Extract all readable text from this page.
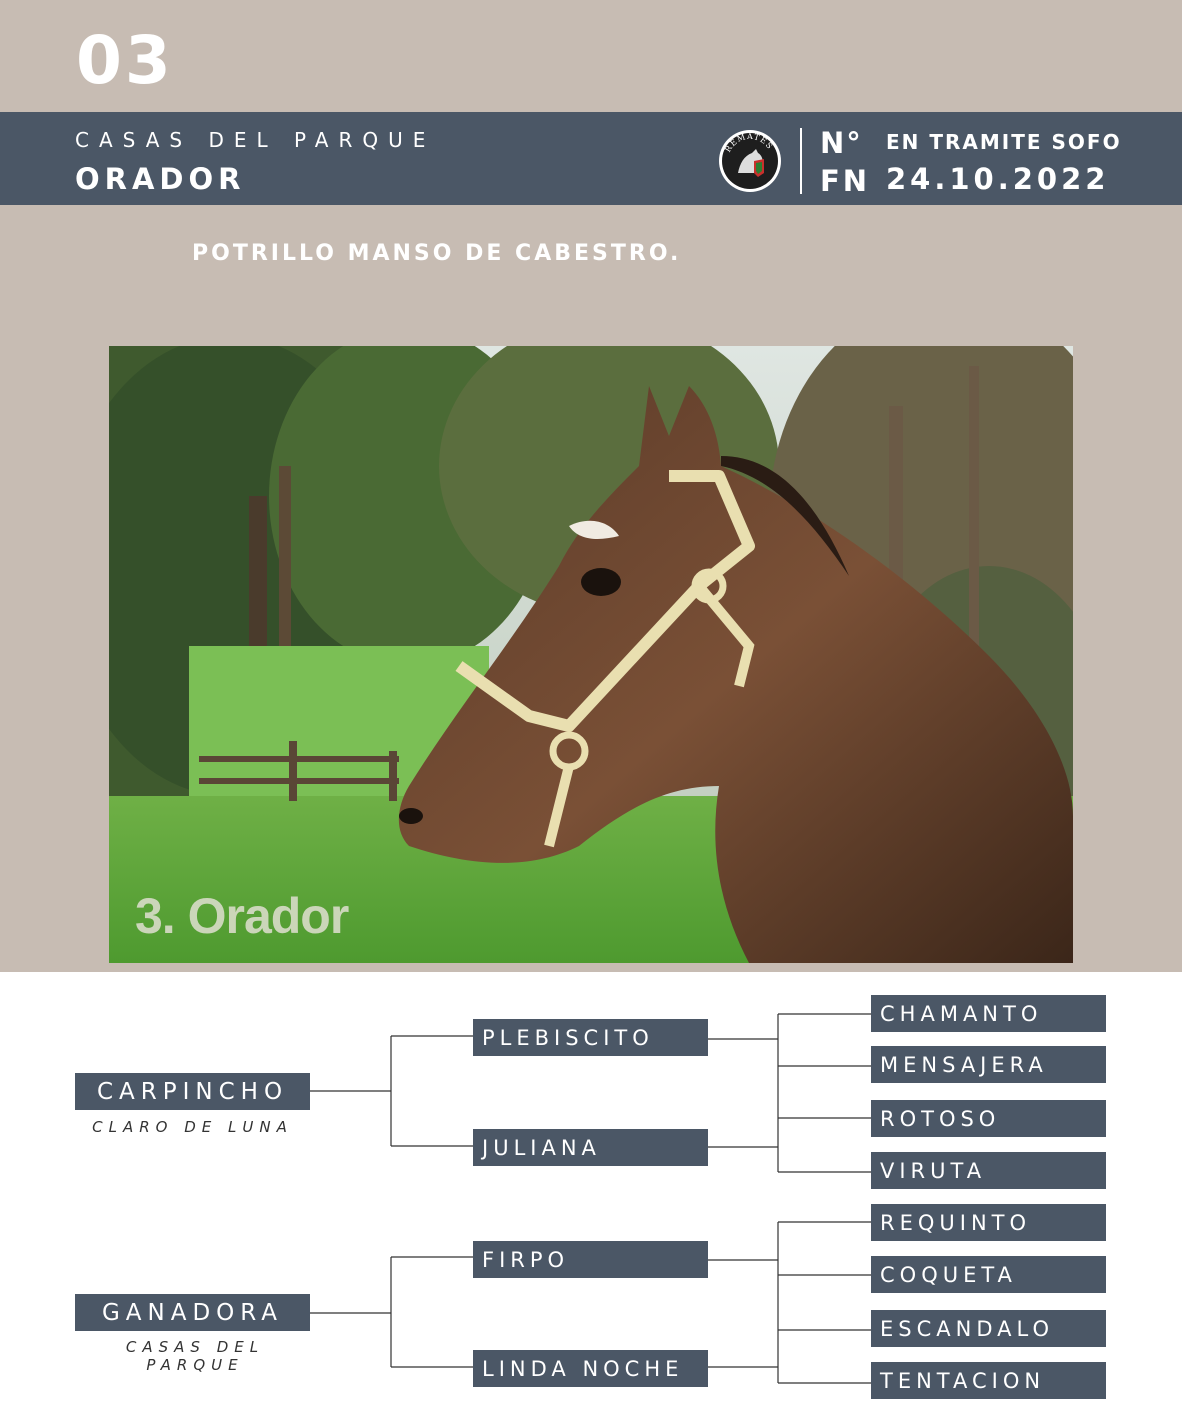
03
CASAS DEL PARQUE
ORADOR
REMATES N°
FN
EN TRAMITE SOFO
24.10.2022
POTRILLO MANSO DE CABESTRO.
3. Orador
CARPINCHO
CLARO DE LUNA
GANADORA
CASAS DEL PARQUE
PLEBISCITO
JULIANA
FIRPO
LINDA NOCHE
CHAMANTO
MENSAJERA
ROTOSO
VIRUTA
REQUINTO
COQUETA
ESCANDALO
TENTACION
